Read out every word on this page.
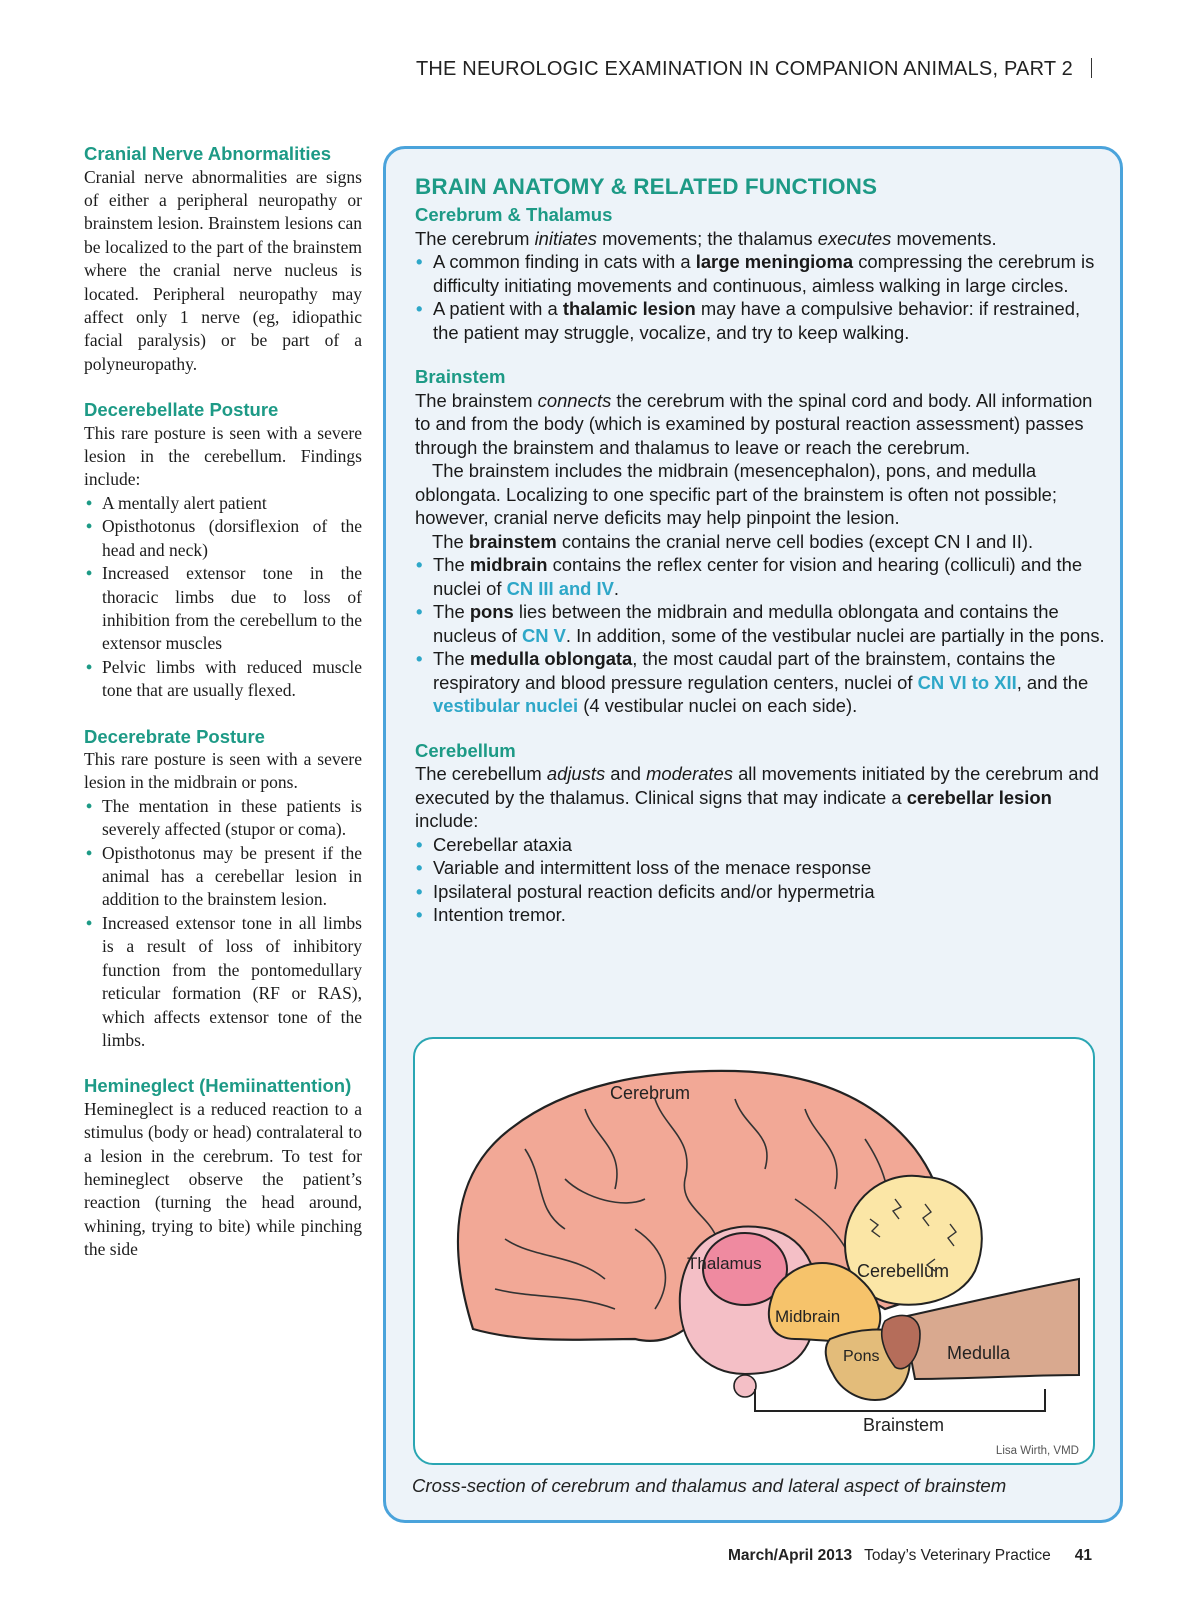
THE NEUROLOGIC EXAMINATION IN COMPANION ANIMALS, PART 2
Cranial Nerve Abnormalities

Cranial nerve abnormalities are signs of either a peripheral neuropathy or brainstem lesion. Brainstem lesions can be localized to the part of the brainstem where the cranial nerve nucleus is located. Peripheral neuropathy may affect only 1 nerve (eg, idiopathic facial paralysis) or be part of a polyneuropathy.

Decerebellate Posture

This rare posture is seen with a severe lesion in the cerebellum. Findings include:

• A mentally alert patient
• Opisthotonus (dorsiflexion of the head and neck)
• Increased extensor tone in the thoracic limbs due to loss of inhibition from the cerebellum to the extensor muscles
• Pelvic limbs with reduced muscle tone that are usually flexed.
Decerebrate Posture

This rare posture is seen with a severe lesion in the midbrain or pons.

• The mentation in these patients is severely affected (stupor or coma).
• Opisthotonus may be present if the animal has a cerebellar lesion in addition to the brainstem lesion.
• Increased extensor tone in all limbs is a result of loss of inhibitory function from the pontomedullary reticular formation (RF or RAS), which affects extensor tone of the limbs.
Hemineglect (Hemiinattention)

Hemineglect is a reduced reaction to a stimulus (body or head) contralateral to a lesion in the cerebrum. To test for hemineglect observe the patient’s reaction (turning the head around, whining, trying to bite) while pinching the side

BRAIN ANATOMY & RELATED FUNCTIONS
Cerebrum & Thalamus

The cerebrum initiates movements; the thalamus executes movements.

• A common finding in cats with a large meningioma compressing the cerebrum is difficulty initiating movements and continuous, aimless walking in large circles.
• A patient with a thalamic lesion may have a compulsive behavior: if restrained, the patient may struggle, vocalize, and try to keep walking.
Brainstem

The brainstem connects the cerebrum with the spinal cord and body. All information to and from the body (which is examined by postural reaction assessment) passes through the brainstem and thalamus to leave or reach the cerebrum.

The brainstem includes the midbrain (mesencephalon), pons, and medulla oblongata. Localizing to one specific part of the brainstem is often not possible; however, cranial nerve deficits may help pinpoint the lesion.

The brainstem contains the cranial nerve cell bodies (except CN I and II).

• The midbrain contains the reflex center for vision and hearing (colliculi) and the nuclei of CN III and IV.
• The pons lies between the midbrain and medulla oblongata and contains the nucleus of CN V. In addition, some of the vestibular nuclei are partially in the pons.
• The medulla oblongata, the most caudal part of the brainstem, contains the respiratory and blood pressure regulation centers, nuclei of CN VI to XII, and the vestibular nuclei (4 vestibular nuclei on each side).
Cerebellum

The cerebellum adjusts and moderates all movements initiated by the cerebrum and executed by the thalamus. Clinical signs that may indicate a cerebellar lesion include:

• Cerebellar ataxia
• Variable and intermittent loss of the menace response
• Ipsilateral postural reaction deficits and/or hypermetria
• Intention tremor.
Cerebrum
Thalamus	Cerebellum
Midbrain
Pons	Medulla
Brainstem
Lisa Wirth, VMD
Cross-section of cerebrum and thalamus and lateral aspect of brainstem
March/April 2013 Today’s Veterinary Practice 41
